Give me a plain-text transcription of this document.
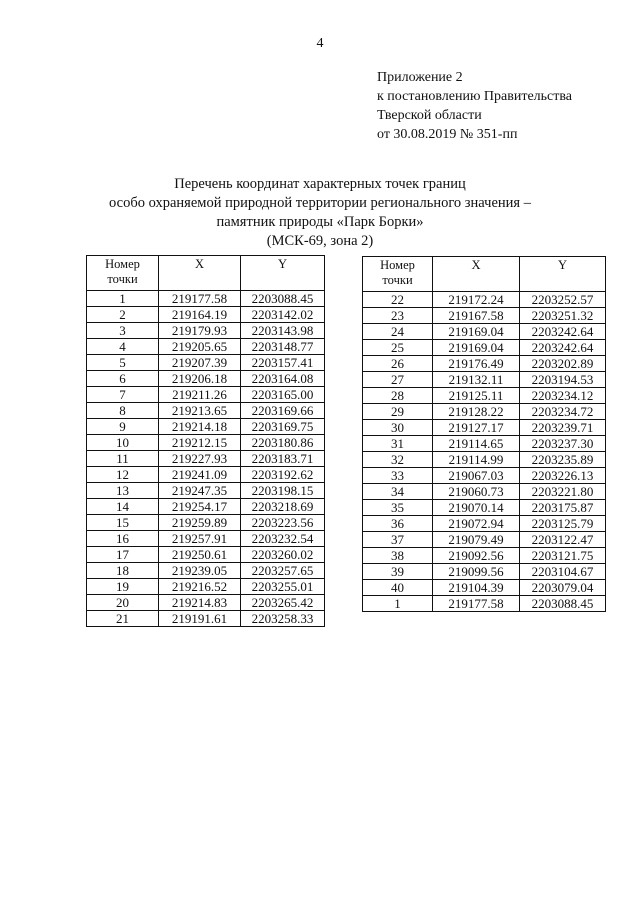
4
Приложение 2
к постановлению Правительства
Тверской области
от 30.08.2019 № 351-пп
Перечень координат характерных точек границ
особо охраняемой природной территории регионального значения –
памятник природы «Парк Борки»
(МСК-69, зона 2)
Номер
точки	X	Y
1	219177.58	2203088.45
2	219164.19	2203142.02
3	219179.93	2203143.98
4	219205.65	2203148.77
5	219207.39	2203157.41
6	219206.18	2203164.08
7	219211.26	2203165.00
8	219213.65	2203169.66
9	219214.18	2203169.75
10	219212.15	2203180.86
11	219227.93	2203183.71
12	219241.09	2203192.62
13	219247.35	2203198.15
14	219254.17	2203218.69
15	219259.89	2203223.56
16	219257.91	2203232.54
17	219250.61	2203260.02
18	219239.05	2203257.65
19	219216.52	2203255.01
20	219214.83	2203265.42
21	219191.61	2203258.33
Номер
точки	X	Y
22	219172.24	2203252.57
23	219167.58	2203251.32
24	219169.04	2203242.64
25	219169.04	2203242.64
26	219176.49	2203202.89
27	219132.11	2203194.53
28	219125.11	2203234.12
29	219128.22	2203234.72
30	219127.17	2203239.71
31	219114.65	2203237.30
32	219114.99	2203235.89
33	219067.03	2203226.13
34	219060.73	2203221.80
35	219070.14	2203175.87
36	219072.94	2203125.79
37	219079.49	2203122.47
38	219092.56	2203121.75
39	219099.56	2203104.67
40	219104.39	2203079.04
1	219177.58	2203088.45
